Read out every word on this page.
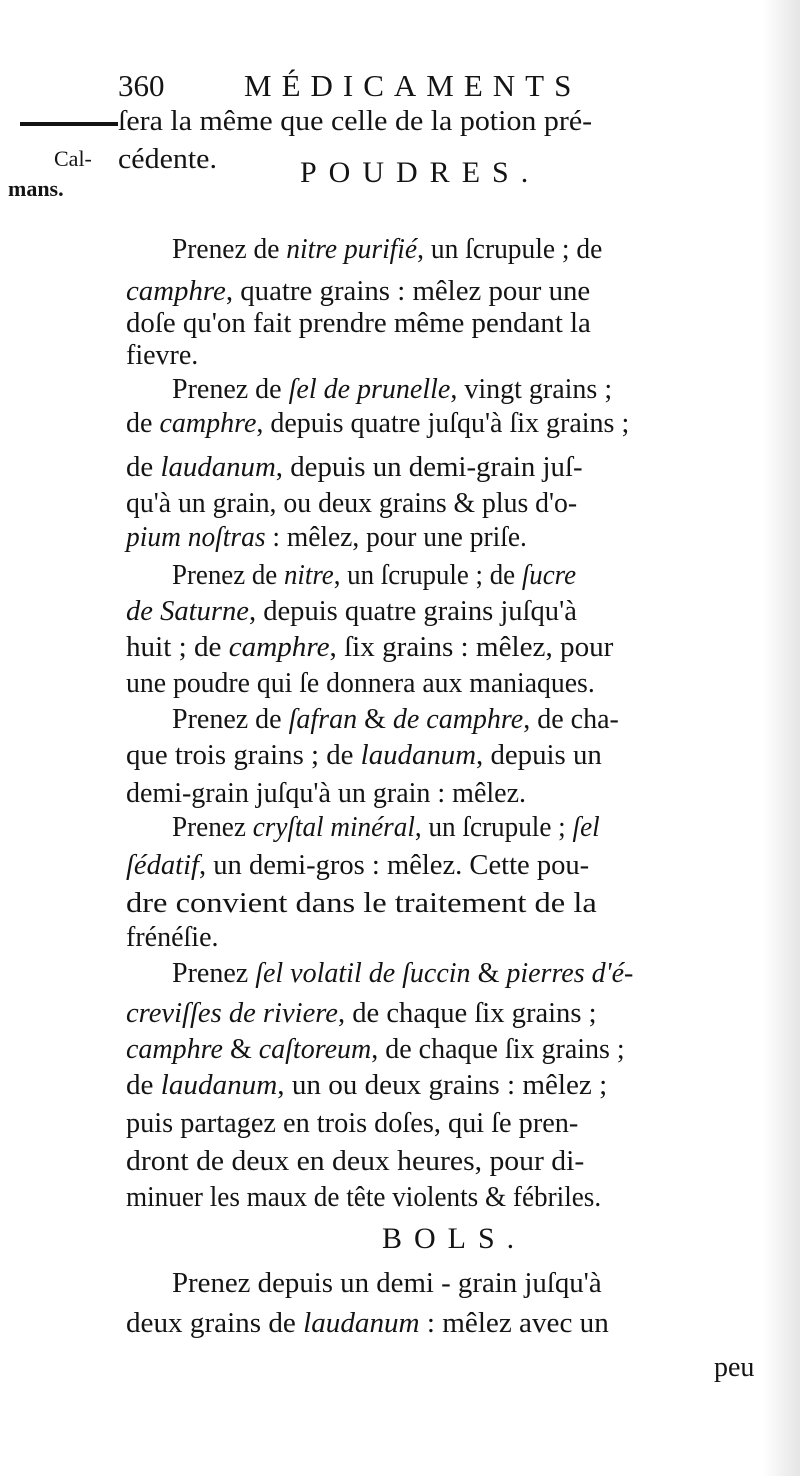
360	MÉDICAMENTS
Cal-
mans.
ſera la même que celle de la potion pré-
cédente.	POUDRES.
Prenez de nitre purifié, un ſcrupule ; de
camphre, quatre grains : mêlez pour une
doſe qu'on fait prendre même pendant la
fievre.
Prenez de ſel de prunelle, vingt grains ;
de camphre, depuis quatre juſqu'à ſix grains ;
de laudanum, depuis un demi-grain juſ-
qu'à un grain, ou deux grains & plus d'o-
pium noſtras : mêlez, pour une priſe.
Prenez de nitre, un ſcrupule ; de ſucre
de Saturne, depuis quatre grains juſqu'à
huit ; de camphre, ſix grains : mêlez, pour
une poudre qui ſe donnera aux maniaques.
Prenez de ſafran & de camphre, de cha-
que trois grains ; de laudanum, depuis un
demi-grain juſqu'à un grain : mêlez.
Prenez cryſtal minéral, un ſcrupule ; ſel
ſédatif, un demi-gros : mêlez. Cette pou-
dre convient dans le traitement de la
frénéſie.
Prenez ſel volatil de ſuccin & pierres d'é-
creviſſes de riviere, de chaque ſix grains ;
camphre & caſtoreum, de chaque ſix grains ;
de laudanum, un ou deux grains : mêlez ;
puis partagez en trois doſes, qui ſe pren-
dront de deux en deux heures, pour di-
minuer les maux de tête violents & fébriles.
BOLS.
Prenez depuis un demi - grain juſqu'à
deux grains de laudanum : mêlez avec un
peu
